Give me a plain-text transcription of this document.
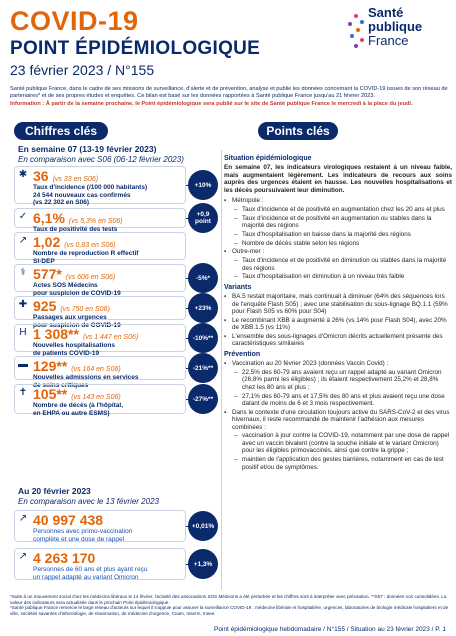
COVID-19
POINT ÉPIDÉMIOLOGIQUE
23 février 2023 / N°155
Santé
publique
France

Santé publique France, dans le cadre de ses missions de surveillance, d'alerte et de prévention, analyse et publie les données concernant la COVID-19 issues de son réseau de partenaires* et de ses propres études et enquêtes. Ce bilan est basé sur les données rapportées à Santé publique France jusqu'au 21 février 2023.

Information : À partir de la semaine prochaine, le Point épidémiologique sera publié sur le site de Santé publique France le mercredi à la place du jeudi.

Chiffres clés
En semaine 07 (13-19 février 2023)
En comparaison avec S06 (06-12 février 2023)
✱ 36 (vs 33 en S06)
Taux d'incidence (/100 000 habitants)
24 544 nouveaux cas confirmés
(vs 22 302 en S06)
+10%
✓ 6,1% (vs 5,3% en S06)
Taux de positivité des tests
+0,9 point
↗ 1,02 (vs 0,83 en S06)
Nombre de reproduction R effectif
SI-DEP
⚕ 577* (vs 606 en S06)
Actes SOS Médecins
pour suspicion de COVID-19
-5%*
✚ 925 (vs 750 en S06)
Passages aux urgences
pour suspicion de COVID-19
+23%
H 1 308** (vs 1 447 en S06)
Nouvelles hospitalisations
de patients COVID-19
-10%**
▬ 129** (vs 164 en S06)
Nouvelles admissions en services
de soins critiques
-21%**
✝ 105** (vs 143 en S06)
Nombre de décès (à l'hôpital,
en EHPA ou autre ESMS)
-27%**
Au 20 février 2023
En comparaison avec le 13 février 2023
↗ 40 997 438
Personnes avec primo-vaccination
complète et une dose de rappel
+0,01%
↗ 4 263 170
Personnes de 60 ans et plus ayant reçu
un rappel adapté au variant Omicron
+1,3%
Points clés
Situation épidémiologique
En semaine 07, les indicateurs virologiques restaient à un niveau faible, mais augmentaient légèrement. Les indicateurs de recours aux soins auprès des urgences étaient en hausse. Les nouvelles hospitalisations et les décès poursuivaient leur diminution.
▪ Métropole :
– Taux d'incidence et de positivité en augmentation chez les 20 ans et plus
– Taux d'incidence et de positivité en augmentation ou stables dans la majorité des régions
– Taux d'hospitalisation en baisse dans la majorité des régions
– Nombre de décès stable selon les régions
▪ Outre-mer :
– Taux d'incidence et de positivité en diminution ou stables dans la majorité des régions
– Taux d'hospitalisation en diminution à un niveau très faible
Variants
▪ BA.5 restait majoritaire, mais continuait à diminuer (64% des séquences lors de l'enquête Flash S05) ; avec une stabilisation du sous-lignage BQ.1.1 (59% pour Flash S05 vs 60% pour S04)
▪ Le recombinant XBB a augmenté à 26% (vs 14% pour Flash S04), avec 20% de XBB.1.5 (vs 11%)
▪ L'ensemble des sous-lignages d'Omicron décrits actuellement présente des caractéristiques similaires
Prévention
▪ Vaccination au 20 février 2023 (données Vaccin Covid) :
– 22,5% des 60-79 ans avaient reçu un rappel adapté au variant Omicron (26,8% parmi les éligibles) ; ils étaient respectivement 25,2% et 28,8% chez les 80 ans et plus ;
– 27,1% des 60-79 ans et 17,5% des 80 ans et plus avaient reçu une dose datant de moins de 6 et 3 mois respectivement.
▪ Dans le contexte d'une circulation toujours active du SARS-CoV-2 et des virus hivernaux, il reste recommandé de maintenir l'adhésion aux mesures combinées :
– vaccination à jour contre la COVID-19, notamment par une dose de rappel avec un vaccin bivalent (contre la souche initiale et le variant Omicron) pour les éligibles primovaccinés, ainsi que contre la grippe ;
– maintien de l'application des gestes barrières, notamment en cas de test positif et/ou de symptômes.

*Suite à un mouvement social chez les médecins libéraux le 14 février, l'activité des associations SOS Médecins a été perturbée et les chiffres sont à interpréter avec précaution. **S07 : données non consolidées. La valeur des indicateurs sera actualisée dans le prochain Point épidémiologique.

*Santé publique France remercie le large réseau d'acteurs sur lequel il s'appuie pour assurer la surveillance COVID-19 : médecine libérale et hospitalière, urgences, laboratoires de biologie médicale hospitaliers et de ville, sociétés savantes d'infectiologie, de réanimation, de médecine d'urgence, Cnam, Inserm, Insee.

Point épidémiologique hebdomadaire / N°155 / Situation au 23 février 2023 / P. 1
